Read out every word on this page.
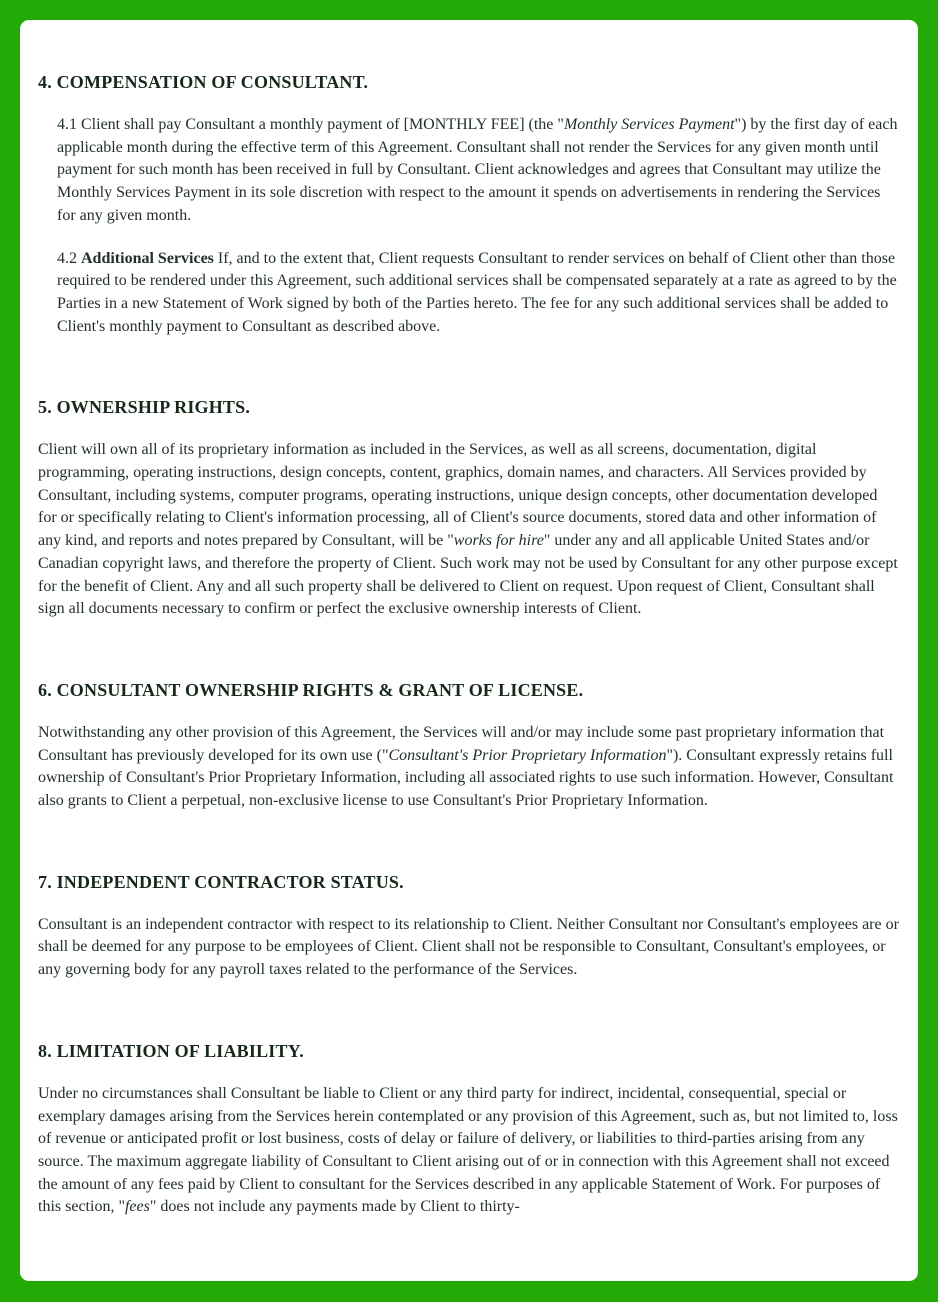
4. COMPENSATION OF CONSULTANT.

4.1 Client shall pay Consultant a monthly payment of [MONTHLY FEE] (the "Monthly Services Payment") by the first day of each applicable month during the effective term of this Agreement. Consultant shall not render the Services for any given month until payment for such month has been received in full by Consultant. Client acknowledges and agrees that Consultant may utilize the Monthly Services Payment in its sole discretion with respect to the amount it spends on advertisements in rendering the Services for any given month.

4.2 Additional Services If, and to the extent that, Client requests Consultant to render services on behalf of Client other than those required to be rendered under this Agreement, such additional services shall be compensated separately at a rate as agreed to by the Parties in a new Statement of Work signed by both of the Parties hereto. The fee for any such additional services shall be added to Client's monthly payment to Consultant as described above.

5. OWNERSHIP RIGHTS.

Client will own all of its proprietary information as included in the Services, as well as all screens, documentation, digital programming, operating instructions, design concepts, content, graphics, domain names, and characters. All Services provided by Consultant, including systems, computer programs, operating instructions, unique design concepts, other documentation developed for or specifically relating to Client's information processing, all of Client's source documents, stored data and other information of any kind, and reports and notes prepared by Consultant, will be "works for hire" under any and all applicable United States and/or Canadian copyright laws, and therefore the property of Client. Such work may not be used by Consultant for any other purpose except for the benefit of Client. Any and all such property shall be delivered to Client on request. Upon request of Client, Consultant shall sign all documents necessary to confirm or perfect the exclusive ownership interests of Client.

6. CONSULTANT OWNERSHIP RIGHTS & GRANT OF LICENSE.

Notwithstanding any other provision of this Agreement, the Services will and/or may include some past proprietary information that Consultant has previously developed for its own use ("Consultant's Prior Proprietary Information"). Consultant expressly retains full ownership of Consultant's Prior Proprietary Information, including all associated rights to use such information. However, Consultant also grants to Client a perpetual, non-exclusive license to use Consultant's Prior Proprietary Information.

7. INDEPENDENT CONTRACTOR STATUS.

Consultant is an independent contractor with respect to its relationship to Client. Neither Consultant nor Consultant's employees are or shall be deemed for any purpose to be employees of Client. Client shall not be responsible to Consultant, Consultant's employees, or any governing body for any payroll taxes related to the performance of the Services.

8. LIMITATION OF LIABILITY.

Under no circumstances shall Consultant be liable to Client or any third party for indirect, incidental, consequential, special or exemplary damages arising from the Services herein contemplated or any provision of this Agreement, such as, but not limited to, loss of revenue or anticipated profit or lost business, costs of delay or failure of delivery, or liabilities to third-parties arising from any source. The maximum aggregate liability of Consultant to Client arising out of or in connection with this Agreement shall not exceed the amount of any fees paid by Client to consultant for the Services described in any applicable Statement of Work. For purposes of this section, "fees" does not include any payments made by Client to thirty-
